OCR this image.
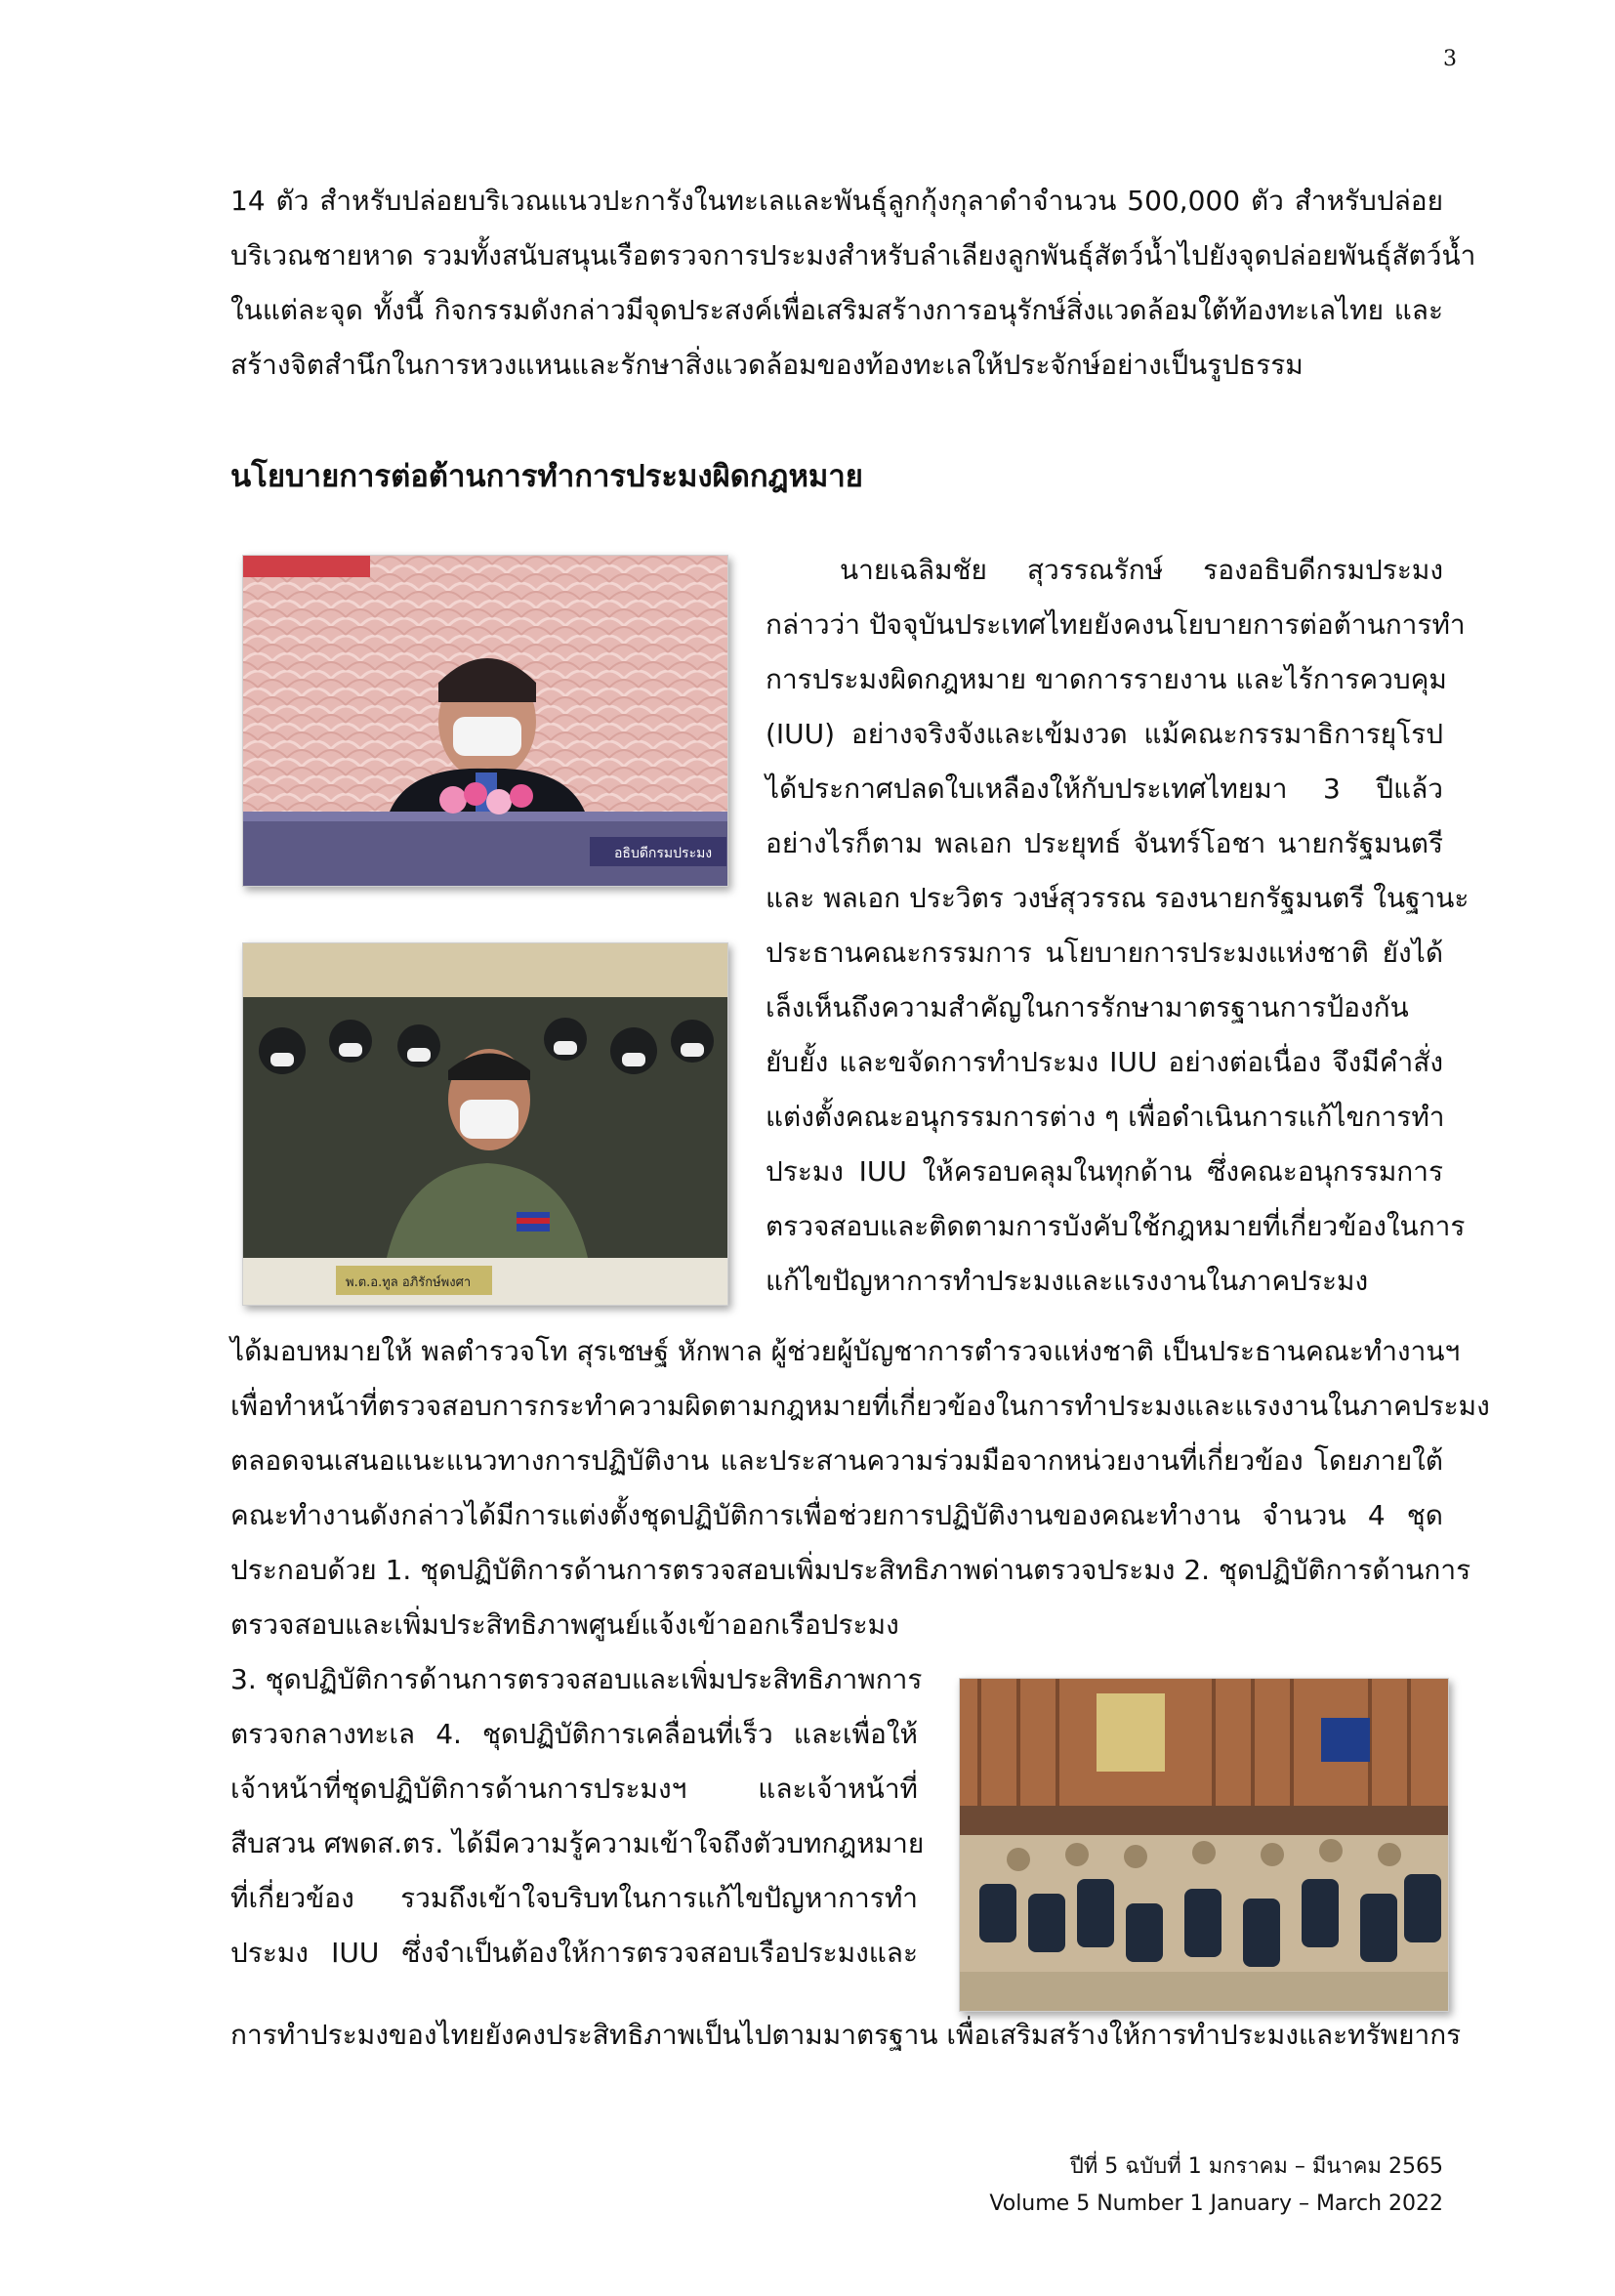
3
14 ตัว สำหรับปล่อยบริเวณแนวปะการังในทะเลและพันธุ์ลูกกุ้งกุลาดำจำนวน 500,000 ตัว สำหรับปล่อย
บริเวณชายหาด รวมทั้งสนับสนุนเรือตรวจการประมงสำหรับลำเลียงลูกพันธุ์สัตว์น้ำไปยังจุดปล่อยพันธุ์สัตว์น้ำ
ในแต่ละจุด ทั้งนี้ กิจกรรมดังกล่าวมีจุดประสงค์เพื่อเสริมสร้างการอนุรักษ์สิ่งแวดล้อมใต้ท้องทะเลไทย และ
สร้างจิตสำนึกในการหวงแหนและรักษาสิ่งแวดล้อมของท้องทะเลให้ประจักษ์อย่างเป็นรูปธรรม
นโยบายการต่อต้านการทำการประมงผิดกฎหมาย
อธิบดีกรมประมง
พ.ต.อ.ทูล อภิรักษ์พงศา
นายเฉลิมชัย สุวรรณรักษ์ รองอธิบดีกรมประมง
กล่าวว่า ปัจจุบันประเทศไทยยังคงนโยบายการต่อต้านการทำ
การประมงผิดกฎหมาย ขาดการรายงาน และไร้การควบคุม
(IUU) อย่างจริงจังและเข้มงวด แม้คณะกรรมาธิการยุโรป
ได้ประกาศปลดใบเหลืองให้กับประเทศไทยมา 3 ปีแล้ว
อย่างไรก็ตาม พลเอก ประยุทธ์ จันทร์โอชา นายกรัฐมนตรี
และ พลเอก ประวิตร วงษ์สุวรรณ รองนายกรัฐมนตรี ในฐานะ
ประธานคณะกรรมการ นโยบายการประมงแห่งชาติ ยังได้
เล็งเห็นถึงความสำคัญในการรักษามาตรฐานการป้องกัน
ยับยั้ง และขจัดการทำประมง IUU อย่างต่อเนื่อง จึงมีคำสั่ง
แต่งตั้งคณะอนุกรรมการต่าง ๆ เพื่อดำเนินการแก้ไขการทำ
ประมง IUU ให้ครอบคลุมในทุกด้าน ซึ่งคณะอนุกรรมการ
ตรวจสอบและติดตามการบังคับใช้กฎหมายที่เกี่ยวข้องในการ
แก้ไขปัญหาการทำประมงและแรงงานในภาคประมง
ได้มอบหมายให้ พลตำรวจโท สุรเชษฐ์ หักพาล ผู้ช่วยผู้บัญชาการตำรวจแห่งชาติ เป็นประธานคณะทำงานฯ
เพื่อทำหน้าที่ตรวจสอบการกระทำความผิดตามกฎหมายที่เกี่ยวข้องในการทำประมงและแรงงานในภาคประมง
ตลอดจนเสนอแนะแนวทางการปฏิบัติงาน และประสานความร่วมมือจากหน่วยงานที่เกี่ยวข้อง โดยภายใต้
คณะทำงานดังกล่าวได้มีการแต่งตั้งชุดปฏิบัติการเพื่อช่วยการปฏิบัติงานของคณะทำงาน จำนวน 4 ชุด
ประกอบด้วย 1. ชุดปฏิบัติการด้านการตรวจสอบเพิ่มประสิทธิภาพด่านตรวจประมง 2. ชุดปฏิบัติการด้านการ
ตรวจสอบและเพิ่มประสิทธิภาพศูนย์แจ้งเข้าออกเรือประมง
3. ชุดปฏิบัติการด้านการตรวจสอบและเพิ่มประสิทธิภาพการ
ตรวจกลางทะเล 4. ชุดปฏิบัติการเคลื่อนที่เร็ว และเพื่อให้
เจ้าหน้าที่ชุดปฏิบัติการด้านการประมงฯ และเจ้าหน้าที่
สืบสวน ศพดส.ตร. ได้มีความรู้ความเข้าใจถึงตัวบทกฎหมาย
ที่เกี่ยวข้อง รวมถึงเข้าใจบริบทในการแก้ไขปัญหาการทำ
ประมง IUU ซึ่งจำเป็นต้องให้การตรวจสอบเรือประมงและ

การทำประมงของไทยยังคงประสิทธิภาพเป็นไปตามมาตรฐาน เพื่อเสริมสร้างให้การทำประมงและทรัพยากร

ปีที่ 5 ฉบับที่ 1 มกราคม – มีนาคม 2565
Volume 5 Number 1 January – March 2022
